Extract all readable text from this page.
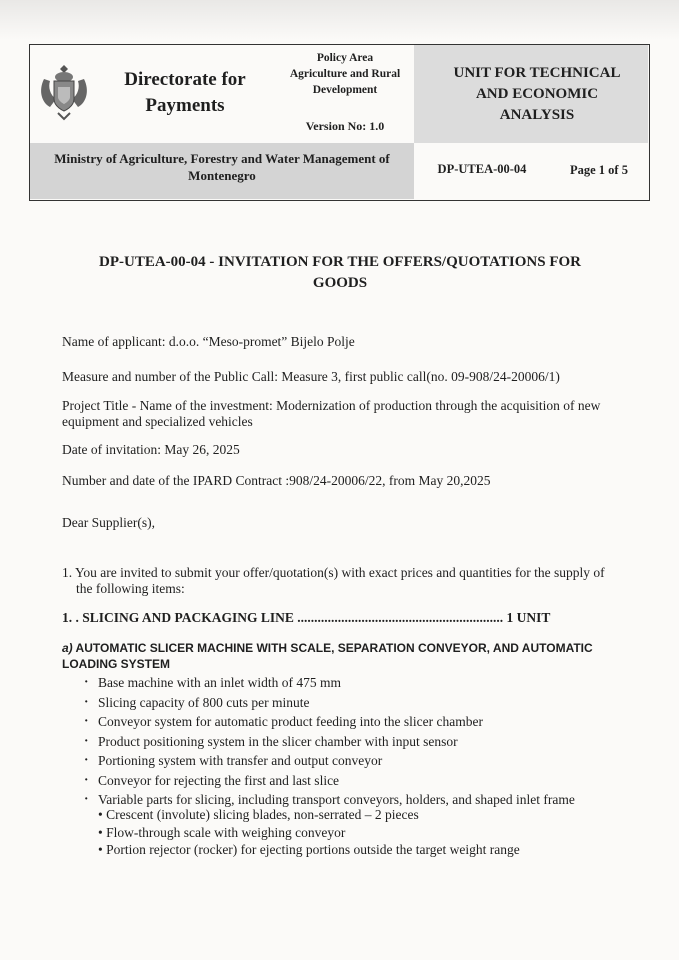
Directorate for Payments
Policy Area
Agriculture and Rural
Development
Version No: 1.0
UNIT FOR TECHNICAL
AND ECONOMIC
ANALYSIS
Ministry of Agriculture, Forestry and Water Management of
Montenegro	DP-UTEA-00-04	Page 1 of 5
DP-UTEA-00-04 - INVITATION FOR THE OFFERS/QUOTATIONS FOR
GOODS
Name of applicant: d.o.o. “Meso-promet” Bijelo Polje
Measure and number of the Public Call: Measure 3, first public call(no. 09-908/24-20006/1)
Project Title - Name of the investment: Modernization of production through the acquisition of new equipment and specialized vehicles
Date of invitation: May 26, 2025
Number and date of the IPARD Contract :908/24-20006/22, from May 20,2025
Dear Supplier(s),
1. You are invited to submit your offer/quotation(s) with exact prices and quantities for the supply of the following items:
1. . SLICING AND PACKAGING LINE ............................................................. 1 UNIT
a) AUTOMATIC SLICER MACHINE WITH SCALE, SEPARATION CONVEYOR, AND AUTOMATIC LOADING SYSTEM
· Base machine with an inlet width of 475 mm
· Slicing capacity of 800 cuts per minute
· Conveyor system for automatic product feeding into the slicer chamber
· Product positioning system in the slicer chamber with input sensor
· Portioning system with transfer and output conveyor
· Conveyor for rejecting the first and last slice
· Variable parts for slicing, including transport conveyors, holders, and shaped inlet frame
• Crescent (involute) slicing blades, non-serrated – 2 pieces
• Flow-through scale with weighing conveyor
• Portion rejector (rocker) for ejecting portions outside the target weight range
